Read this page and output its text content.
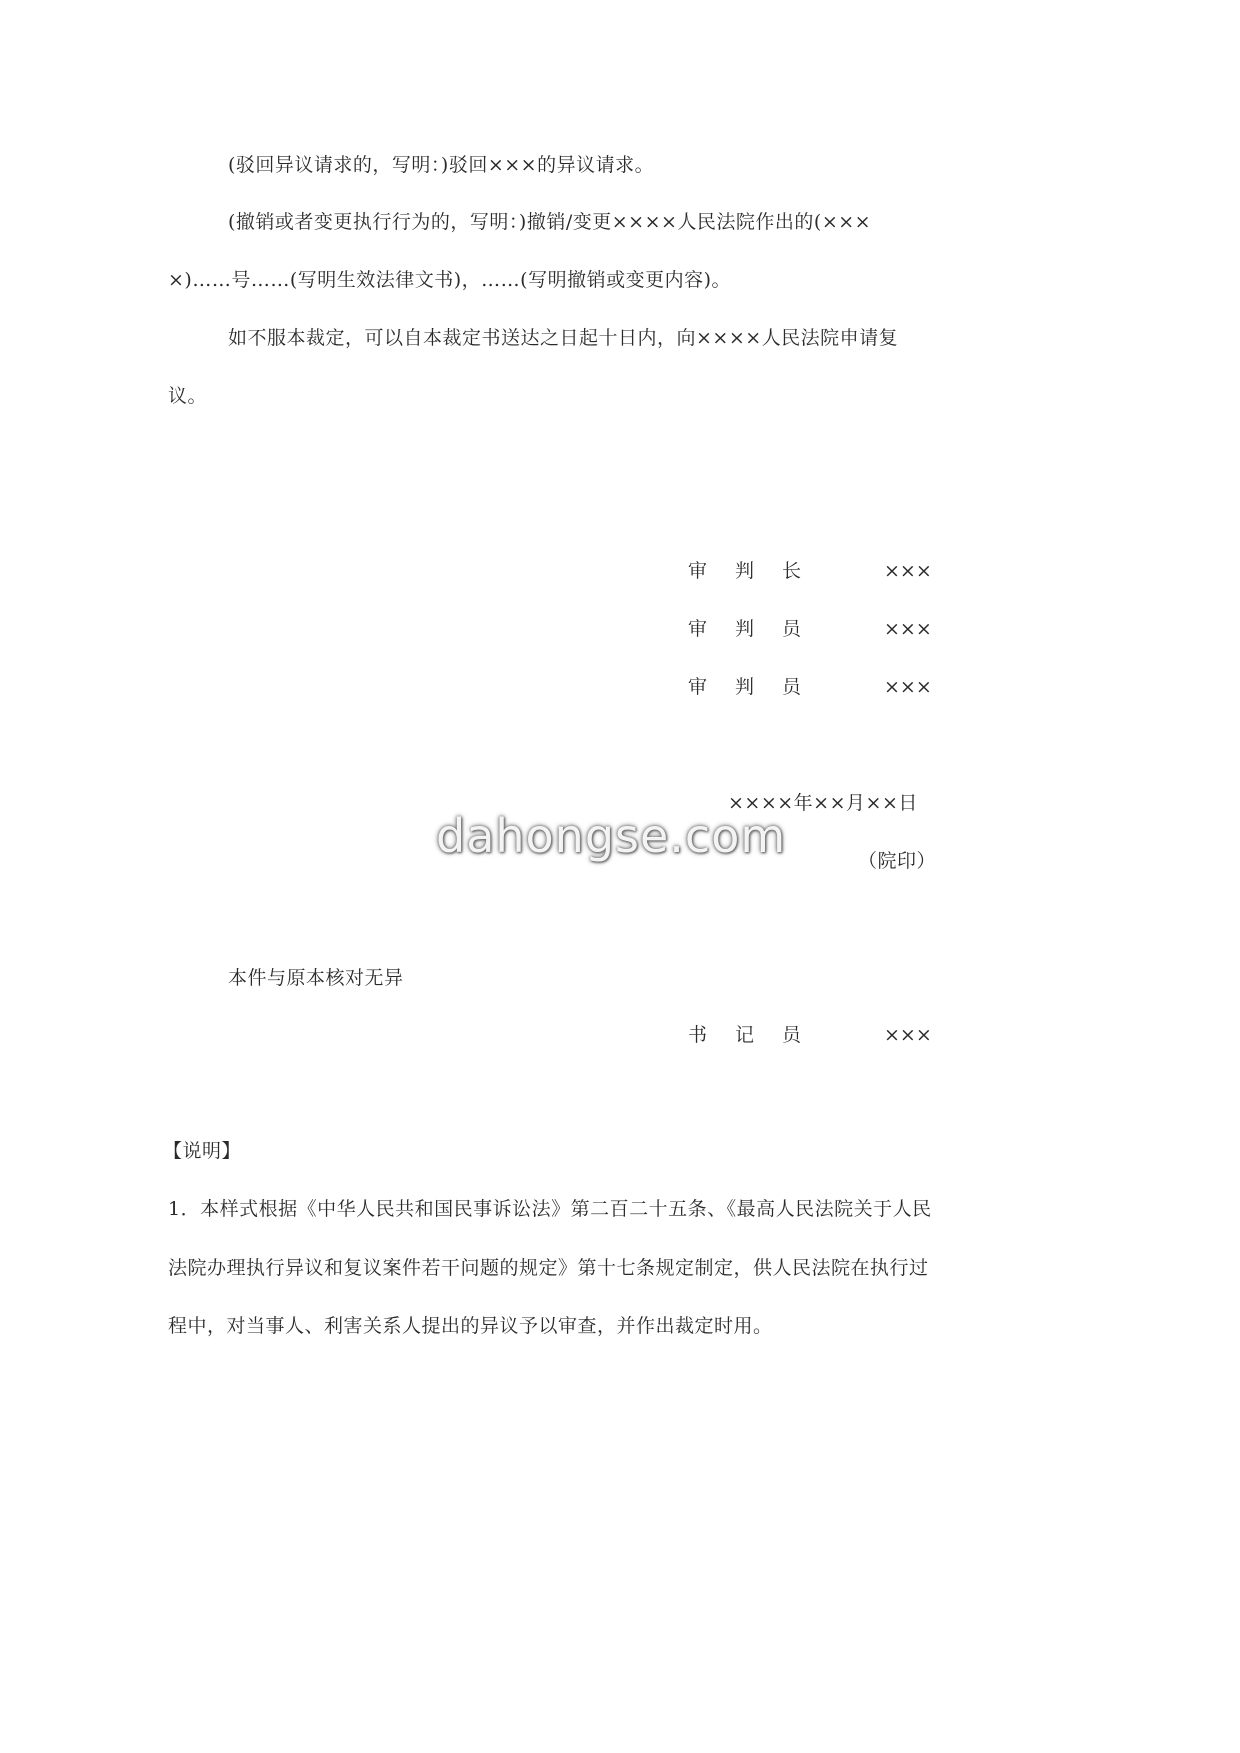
(驳回异议请求的，写明：)驳回×××的异议请求。
(撤销或者变更执行行为的，写明：)撤销/变更××××人民法院作出的(×××
×)……号……(写明生效法律文书)，……(写明撤销或变更内容)。
如不服本裁定，可以自本裁定书送达之日起十日内，向××××人民法院申请复
议。
审判长	×××
审判员	×××
审判员	×××
××××年××月××日
（院印）
dahongse.com
本件与原本核对无异
书记员	×××
【说明】
1．本样式根据《中华人民共和国民事诉讼法》第二百二十五条、《最高人民法院关于人民
法院办理执行异议和复议案件若干问题的规定》第十七条规定制定，供人民法院在执行过
程中，对当事人、利害关系人提出的异议予以审查，并作出裁定时用。
